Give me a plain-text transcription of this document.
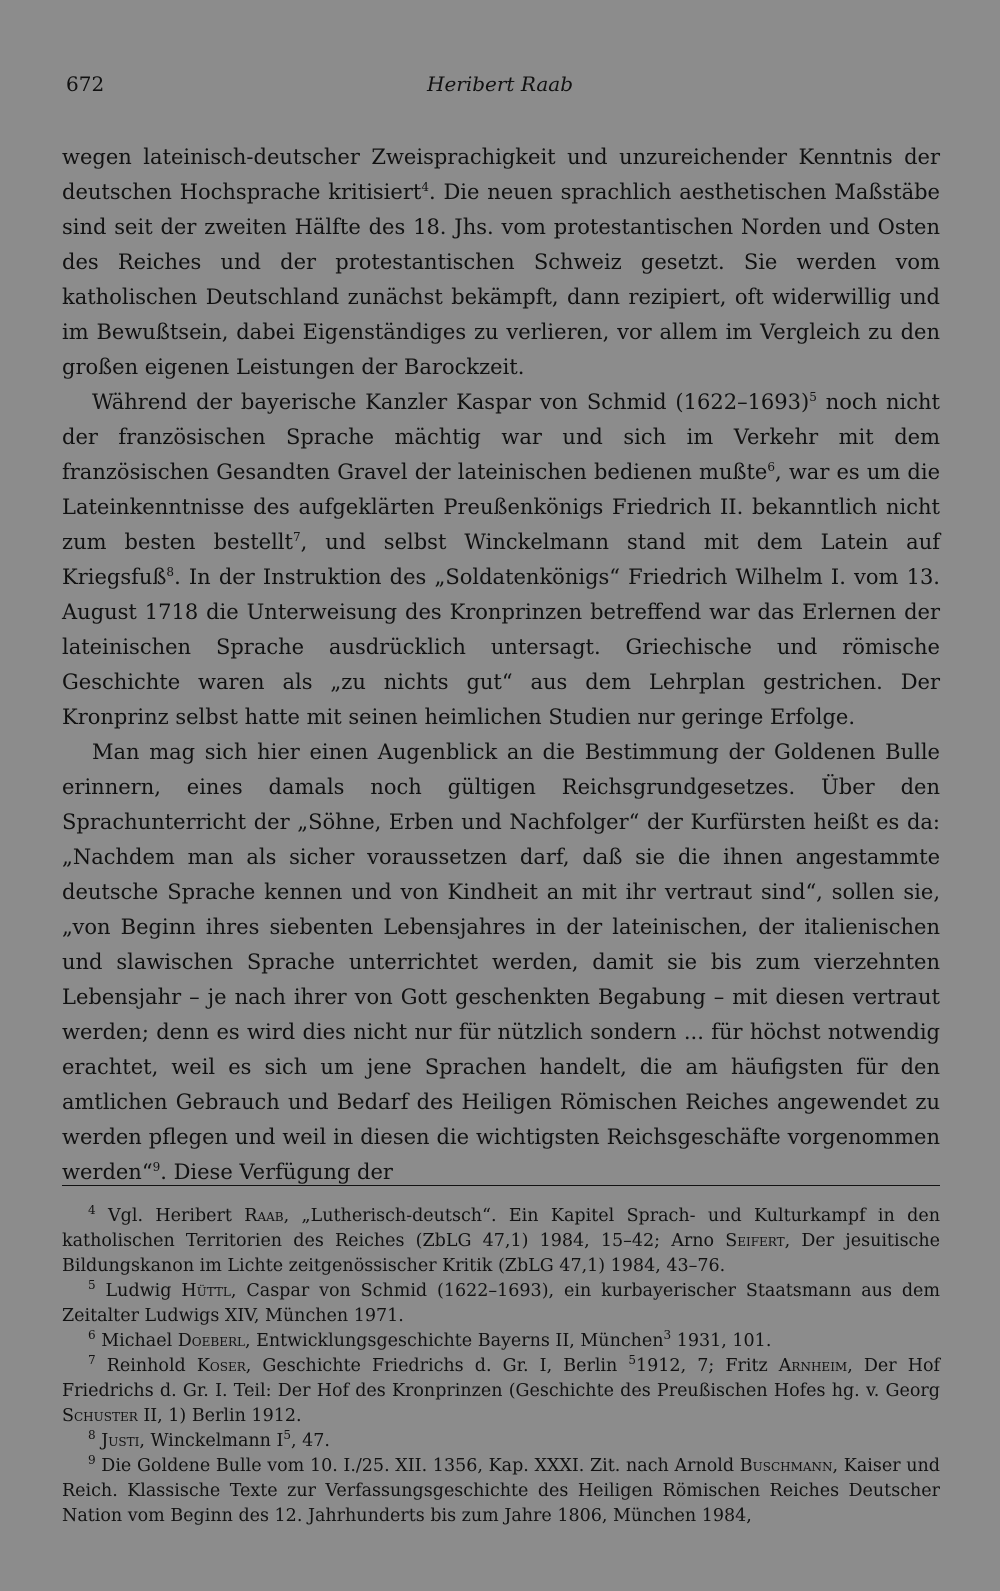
672	Heribert Raab

wegen lateinisch-deutscher Zweisprachigkeit und unzureichender Kenntnis der deutschen Hochsprache kritisiert$^4$. Die neuen sprachlich aesthetischen Maßstäbe sind seit der zweiten Hälfte des 18. Jhs. vom protestantischen Norden und Osten des Reiches und der protestantischen Schweiz gesetzt. Sie werden vom katholischen Deutschland zunächst bekämpft, dann rezipiert, oft widerwillig und im Bewußtsein, dabei Eigenständiges zu verlieren, vor allem im Vergleich zu den großen eigenen Leistungen der Barockzeit.

Während der bayerische Kanzler Kaspar von Schmid (1622–1693)$^5$ noch nicht der französischen Sprache mächtig war und sich im Verkehr mit dem französischen Gesandten Gravel der lateinischen bedienen mußte$^6$, war es um die Lateinkenntnisse des aufgeklärten Preußenkönigs Friedrich II. bekanntlich nicht zum besten bestellt$^7$, und selbst Winckelmann stand mit dem Latein auf Kriegsfuß$^8$. In der Instruktion des „Soldatenkönigs“ Friedrich Wilhelm I. vom 13. August 1718 die Unterweisung des Kronprinzen betreffend war das Erlernen der lateinischen Sprache ausdrücklich untersagt. Griechische und römische Geschichte waren als „zu nichts gut“ aus dem Lehrplan gestrichen. Der Kronprinz selbst hatte mit seinen heimlichen Studien nur geringe Erfolge.

Man mag sich hier einen Augenblick an die Bestimmung der Goldenen Bulle erinnern, eines damals noch gültigen Reichsgrundgesetzes. Über den Sprachunterricht der „Söhne, Erben und Nachfolger“ der Kurfürsten heißt es da: „Nachdem man als sicher voraussetzen darf, daß sie die ihnen angestammte deutsche Sprache kennen und von Kindheit an mit ihr vertraut sind“, sollen sie, „von Beginn ihres siebenten Lebensjahres in der lateinischen, der italienischen und slawischen Sprache unterrichtet werden, damit sie bis zum vierzehnten Lebensjahr – je nach ihrer von Gott geschenkten Begabung – mit diesen vertraut werden; denn es wird dies nicht nur für nützlich sondern ... für höchst notwendig erachtet, weil es sich um jene Sprachen handelt, die am häufigsten für den amtlichen Gebrauch und Bedarf des Heiligen Römischen Reiches angewendet zu werden pflegen und weil in diesen die wichtigsten Reichsgeschäfte vorgenommen werden“$^9$. Diese Verfügung der

$^4$ Vgl. Heribert Raab, „Lutherisch-deutsch“. Ein Kapitel Sprach- und Kulturkampf in den katholischen Territorien des Reiches (ZbLG 47,1) 1984, 15–42; Arno Seifert, Der jesuitische Bildungskanon im Lichte zeitgenössischer Kritik (ZbLG 47,1) 1984, 43–76.

$^5$ Ludwig Hüttl, Caspar von Schmid (1622–1693), ein kurbayerischer Staatsmann aus dem Zeitalter Ludwigs XIV, München 1971.

$^6$ Michael Doeberl, Entwicklungsgeschichte Bayerns II, München$^3$ 1931, 101.

$^7$ Reinhold Koser, Geschichte Friedrichs d. Gr. I, Berlin $^5$1912, 7; Fritz Arnheim, Der Hof Friedrichs d. Gr. I. Teil: Der Hof des Kronprinzen (Geschichte des Preußischen Hofes hg. v. Georg Schuster II, 1) Berlin 1912.

$^8$ Justi, Winckelmann $I^5$, 47.

$^9$ Die Goldene Bulle vom 10. I./25. XII. 1356, Kap. XXXI. Zit. nach Arnold Buschmann, Kaiser und Reich. Klassische Texte zur Verfassungsgeschichte des Heiligen Römischen Reiches Deutscher Nation vom Beginn des 12. Jahrhunderts bis zum Jahre 1806, München 1984,
